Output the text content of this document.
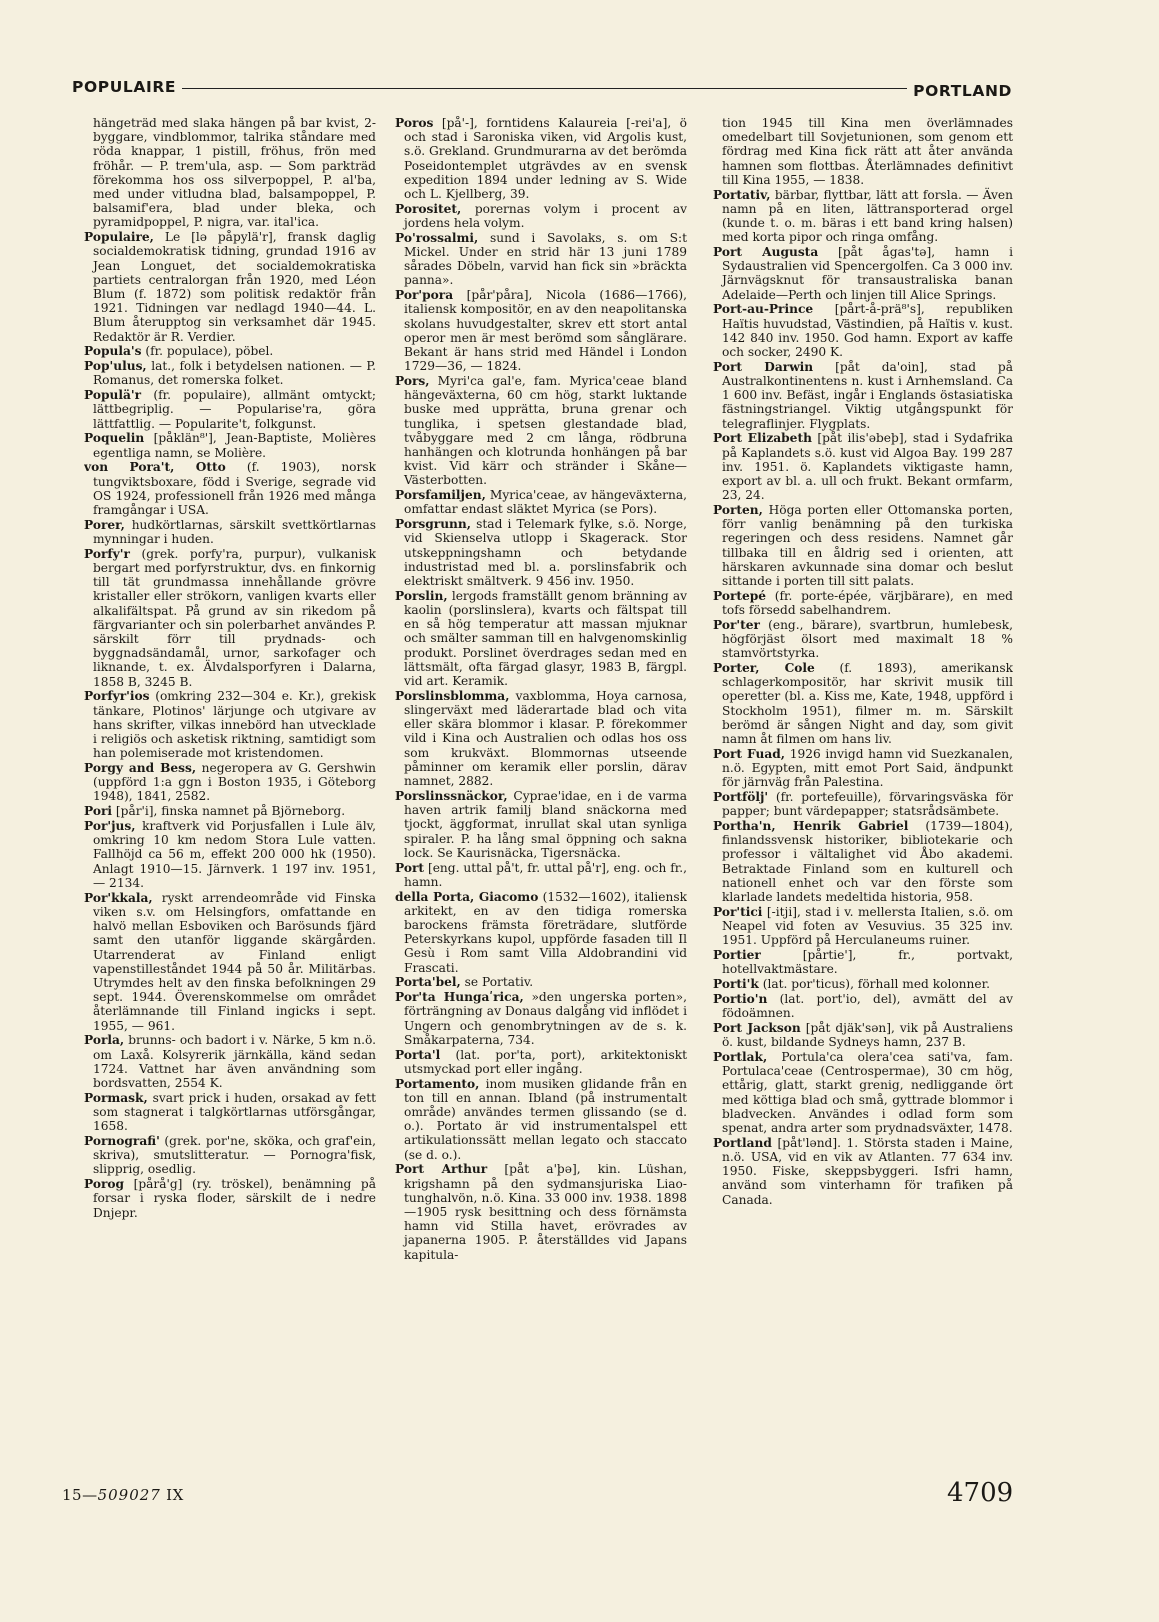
POPULAIRE	PORTLAND

hängeträd med slaka hängen på bar kvist, 2-byggare, vindblommor, talrika ståndare med röda knappar, 1 pistill, fröhus, frön med fröhår. — P. trem'ula, asp. — Som parkträd förekomma hos oss silverpoppel, P. al'ba, med under vitludna blad, balsampoppel, P. balsamif'era, blad under bleka, och pyramidpoppel, P. nigra, var. ital'ica.

Populaire, Le [lə påpylä'r], fransk daglig socialdemokratisk tidning, grundad 1916 av Jean Longuet, det socialdemokratiska partiets centralorgan från 1920, med Léon Blum (f. 1872) som politisk redaktör från 1921. Tidningen var nedlagd 1940—44. L. Blum återupptog sin verksamhet där 1945. Redaktör är R. Verdier.

Popula's (fr. populace), pöbel.

Pop'ulus, lat., folk i betydelsen nationen. — P. Romanus, det romerska folket.

Populä'r (fr. populaire), allmänt omtyckt; lättbegriplig. — Popularise'ra, göra lättfattlig. — Popularite't, folkgunst.

Poquelin [påklän⁸'], Jean-Baptiste, Molières egentliga namn, se Molière.

von Pora't, Otto (f. 1903), norsk tungviktsboxare, född i Sverige, segrade vid OS 1924, professionell från 1926 med många framgångar i USA.

Porer, hudkörtlarnas, särskilt svettkörtlarnas mynningar i huden.

Porfy'r (grek. porfy'ra, purpur), vulkanisk bergart med porfyrstruktur, dvs. en finkornig till tät grundmassa innehållande grövre kristaller eller strökorn, vanligen kvarts eller alkalifältspat. På grund av sin rikedom på färgvarianter och sin polerbarhet användes P. särskilt förr till prydnads- och byggnadsändamål, urnor, sarkofager och liknande, t. ex. Älvdalsporfyren i Dalarna, 1858 B, 3245 B.

Porfyr'ios (omkring 232—304 e. Kr.), grekisk tänkare, Plotinos' lärjunge och utgivare av hans skrifter, vilkas innebörd han utvecklade i religiös och asketisk riktning, samtidigt som han polemiserade mot kristendomen.

Porgy and Bess, negeropera av G. Gershwin (uppförd 1:a ggn i Boston 1935, i Göteborg 1948), 1841, 2582.

Pori [pår'i], finska namnet på Björneborg.

Por'jus, kraftverk vid Porjusfallen i Lule älv, omkring 10 km nedom Stora Lule vatten. Fallhöjd ca 56 m, effekt 200 000 hk (1950). Anlagt 1910—15. Järnverk. 1 197 inv. 1951, — 2134.

Por'kkala, ryskt arrendeområde vid Finska viken s.v. om Helsingfors, omfattande en halvö mellan Esboviken och Barösunds fjärd samt den utanför liggande skärgården. Utarrenderat av Finland enligt vapenstilleståndet 1944 på 50 år. Militärbas. Utrymdes helt av den finska befolkningen 29 sept. 1944. Överenskommelse om området återlämnande till Finland ingicks i sept. 1955, — 961.

Porla, brunns- och badort i v. Närke, 5 km n.ö. om Laxå. Kolsyrerik järnkälla, känd sedan 1724. Vattnet har även användning som bordsvatten, 2554 K.

Pormask, svart prick i huden, orsakad av fett som stagnerat i talgkörtlarnas utförsgångar, 1658.

Pornografi' (grek. por'ne, sköka, och graf'ein, skriva), smutslitteratur. — Pornogra'fisk, slipprig, osedlig.

Porog [pårå'g] (ry. tröskel), benämning på forsar i ryska floder, särskilt de i nedre Dnjepr.

Poros [på'-], forntidens Kalaureia [-rei'a], ö och stad i Saroniska viken, vid Argolis kust, s.ö. Grekland. Grundmurarna av det berömda Poseidontemplet utgrävdes av en svensk expedition 1894 under ledning av S. Wide och L. Kjellberg, 39.

Porositet, porernas volym i procent av jordens hela volym.

Po'rossalmi, sund i Savolaks, s. om S:t Mickel. Under en strid här 13 juni 1789 sårades Döbeln, varvid han fick sin »bräckta panna».

Por'pora [pår'påra], Nicola (1686—1766), italiensk kompositör, en av den neapolitanska skolans huvudgestalter, skrev ett stort antal operor men är mest berömd som sånglärare. Bekant är hans strid med Händel i London 1729—36, — 1824.

Pors, Myri'ca gal'e, fam. Myrica'ceae bland hängeväxterna, 60 cm hög, starkt luktande buske med upprätta, bruna grenar och tunglika, i spetsen glestandade blad, tvåbyggare med 2 cm långa, rödbruna hanhängen och klotrunda honhängen på bar kvist. Vid kärr och stränder i Skåne—Västerbotten.

Porsfamiljen, Myrica'ceae, av hängeväxterna, omfattar endast släktet Myrica (se Pors).

Porsgrunn, stad i Telemark fylke, s.ö. Norge, vid Skienselva utlopp i Skagerack. Stor utskeppningshamn och betydande industristad med bl. a. porslinsfabrik och elektriskt smältverk. 9 456 inv. 1950.

Porslin, lergods framställt genom bränning av kaolin (porslinslera), kvarts och fältspat till en så hög temperatur att massan mjuknar och smälter samman till en halvgenomskinlig produkt. Porslinet överdrages sedan med en lättsmält, ofta färgad glasyr, 1983 B, färgpl. vid art. Keramik.

Porslinsblomma, vaxblomma, Hoya carnosa, slingerväxt med läderartade blad och vita eller skära blommor i klasar. P. förekommer vild i Kina och Australien och odlas hos oss som krukväxt. Blommornas utseende påminner om keramik eller porslin, därav namnet, 2882.

Porslinssnäckor, Cyprae'idae, en i de varma haven artrik familj bland snäckorna med tjockt, äggformat, inrullat skal utan synliga spiraler. P. ha lång smal öppning och sakna lock. Se Kaurisnäcka, Tigersnäcka.

Port [eng. uttal på't, fr. uttal på'r], eng. och fr., hamn.

della Porta, Giacomo (1532—1602), italiensk arkitekt, en av den tidiga romerska barockens främsta företrädare, slutförde Peterskyrkans kupol, uppförde fasaden till Il Gesù i Rom samt Villa Aldobrandini vid Frascati.

Porta'bel, se Portativ.

Por'ta Hungaʹrica, »den ungerska porten», förträngning av Donaus dalgång vid inflödet i Ungern och genombrytningen av de s. k. Småkarpaterna, 734.

Porta'l (lat. por'ta, port), arkitektoniskt utsmyckad port eller ingång.

Portamento, inom musiken glidande från en ton till en annan. Ibland (på instrumentalt område) användes termen glissando (se d. o.). Portato är vid instrumentalspel ett artikulationssätt mellan legato och staccato (se d. o.).

Port Arthur [påt a'þə], kin. Lüshan, krigshamn på den sydmansjuriska Liao-tunghalvön, n.ö. Kina. 33 000 inv. 1938. 1898—1905 rysk besittning och dess förnämsta hamn vid Stilla havet, erövrades av japanerna 1905. P. återställdes vid Japans kapitula-

tion 1945 till Kina men överlämnades omedelbart till Sovjetunionen, som genom ett fördrag med Kina fick rätt att åter använda hamnen som flottbas. Återlämnades definitivt till Kina 1955, — 1838.

Portativ, bärbar, flyttbar, lätt att forsla. — Även namn på en liten, lättransporterad orgel (kunde t. o. m. bäras i ett band kring halsen) med korta pipor och ringa omfång.

Port Augusta [påt ågas'tə], hamn i Sydaustralien vid Spencergolfen. Ca 3 000 inv. Järnvägsknut för transaustraliska banan Adelaide—Perth och linjen till Alice Springs.

Port-au-Prince [pårt-å-prä⁸'s], republiken Haïtis huvudstad, Västindien, på Haïtis v. kust. 142 840 inv. 1950. God hamn. Export av kaffe och socker, 2490 K.

Port Darwin [påt da'oin], stad på Australkontinentens n. kust i Arnhemsland. Ca 1 600 inv. Befäst, ingår i Englands östasiatiska fästningstriangel. Viktig utgångspunkt för telegraflinjer. Flygplats.

Port Elizabeth [påt ilis'əbeþ], stad i Sydafrika på Kaplandets s.ö. kust vid Algoa Bay. 199 287 inv. 1951. ö. Kaplandets viktigaste hamn, export av bl. a. ull och frukt. Bekant ormfarm, 23, 24.

Porten, Höga porten eller Ottomanska porten, förr vanlig benämning på den turkiska regeringen och dess residens. Namnet går tillbaka till en åldrig sed i orienten, att härskaren avkunnade sina domar och beslut sittande i porten till sitt palats.

Portepé (fr. porte-épée, värjbärare), en med tofs försedd sabelhandrem.

Por'ter (eng., bärare), svartbrun, humlebesk, högförjäst ölsort med maximalt 18 % stamvörtstyrka.

Porter, Cole (f. 1893), amerikansk schlagerkompositör, har skrivit musik till operetter (bl. a. Kiss me, Kate, 1948, uppförd i Stockholm 1951), filmer m. m. Särskilt berömd är sången Night and day, som givit namn åt filmen om hans liv.

Port Fuad, 1926 invigd hamn vid Suezkanalen, n.ö. Egypten, mitt emot Port Said, ändpunkt för järnväg från Palestina.

Portfölj' (fr. portefeuille), förvaringsväska för papper; bunt värdepapper; statsrådsämbete.

Portha'n, Henrik Gabriel (1739—1804), finlandssvensk historiker, bibliotekarie och professor i vältalighet vid Åbo akademi. Betraktade Finland som en kulturell och nationell enhet och var den förste som klarlade landets medeltida historia, 958.

Por'tici [-itji], stad i v. mellersta Italien, s.ö. om Neapel vid foten av Vesuvius. 35 325 inv. 1951. Uppförd på Herculaneums ruiner.

Portier	[pårtie'], fr., portvakt, hotellvaktmästare.

Porti'k (lat. por'ticus), förhall med kolonner.

Portio'n (lat. port'io, del), avmätt del av födoämnen.

Port Jackson [påt djäk'sən], vik på Australiens ö. kust, bildande Sydneys hamn, 237 B.

Portlak, Portula'ca olera'cea sati'va, fam. Portulaca'ceae (Centrospermae), 30 cm hög, ettårig, glatt, starkt grenig, nedliggande ört med köttiga blad och små, gyttrade blommor i bladvecken. Användes i odlad form som spenat, andra arter som prydnadsväxter, 1478.

Portland [påt'lənd]. 1. Största staden i Maine, n.ö. USA, vid en vik av Atlanten. 77 634 inv. 1950. Fiske, skeppsbyggeri. Isfri hamn, använd som vinterhamn för trafiken på Canada.

15—509027 IX	4709
